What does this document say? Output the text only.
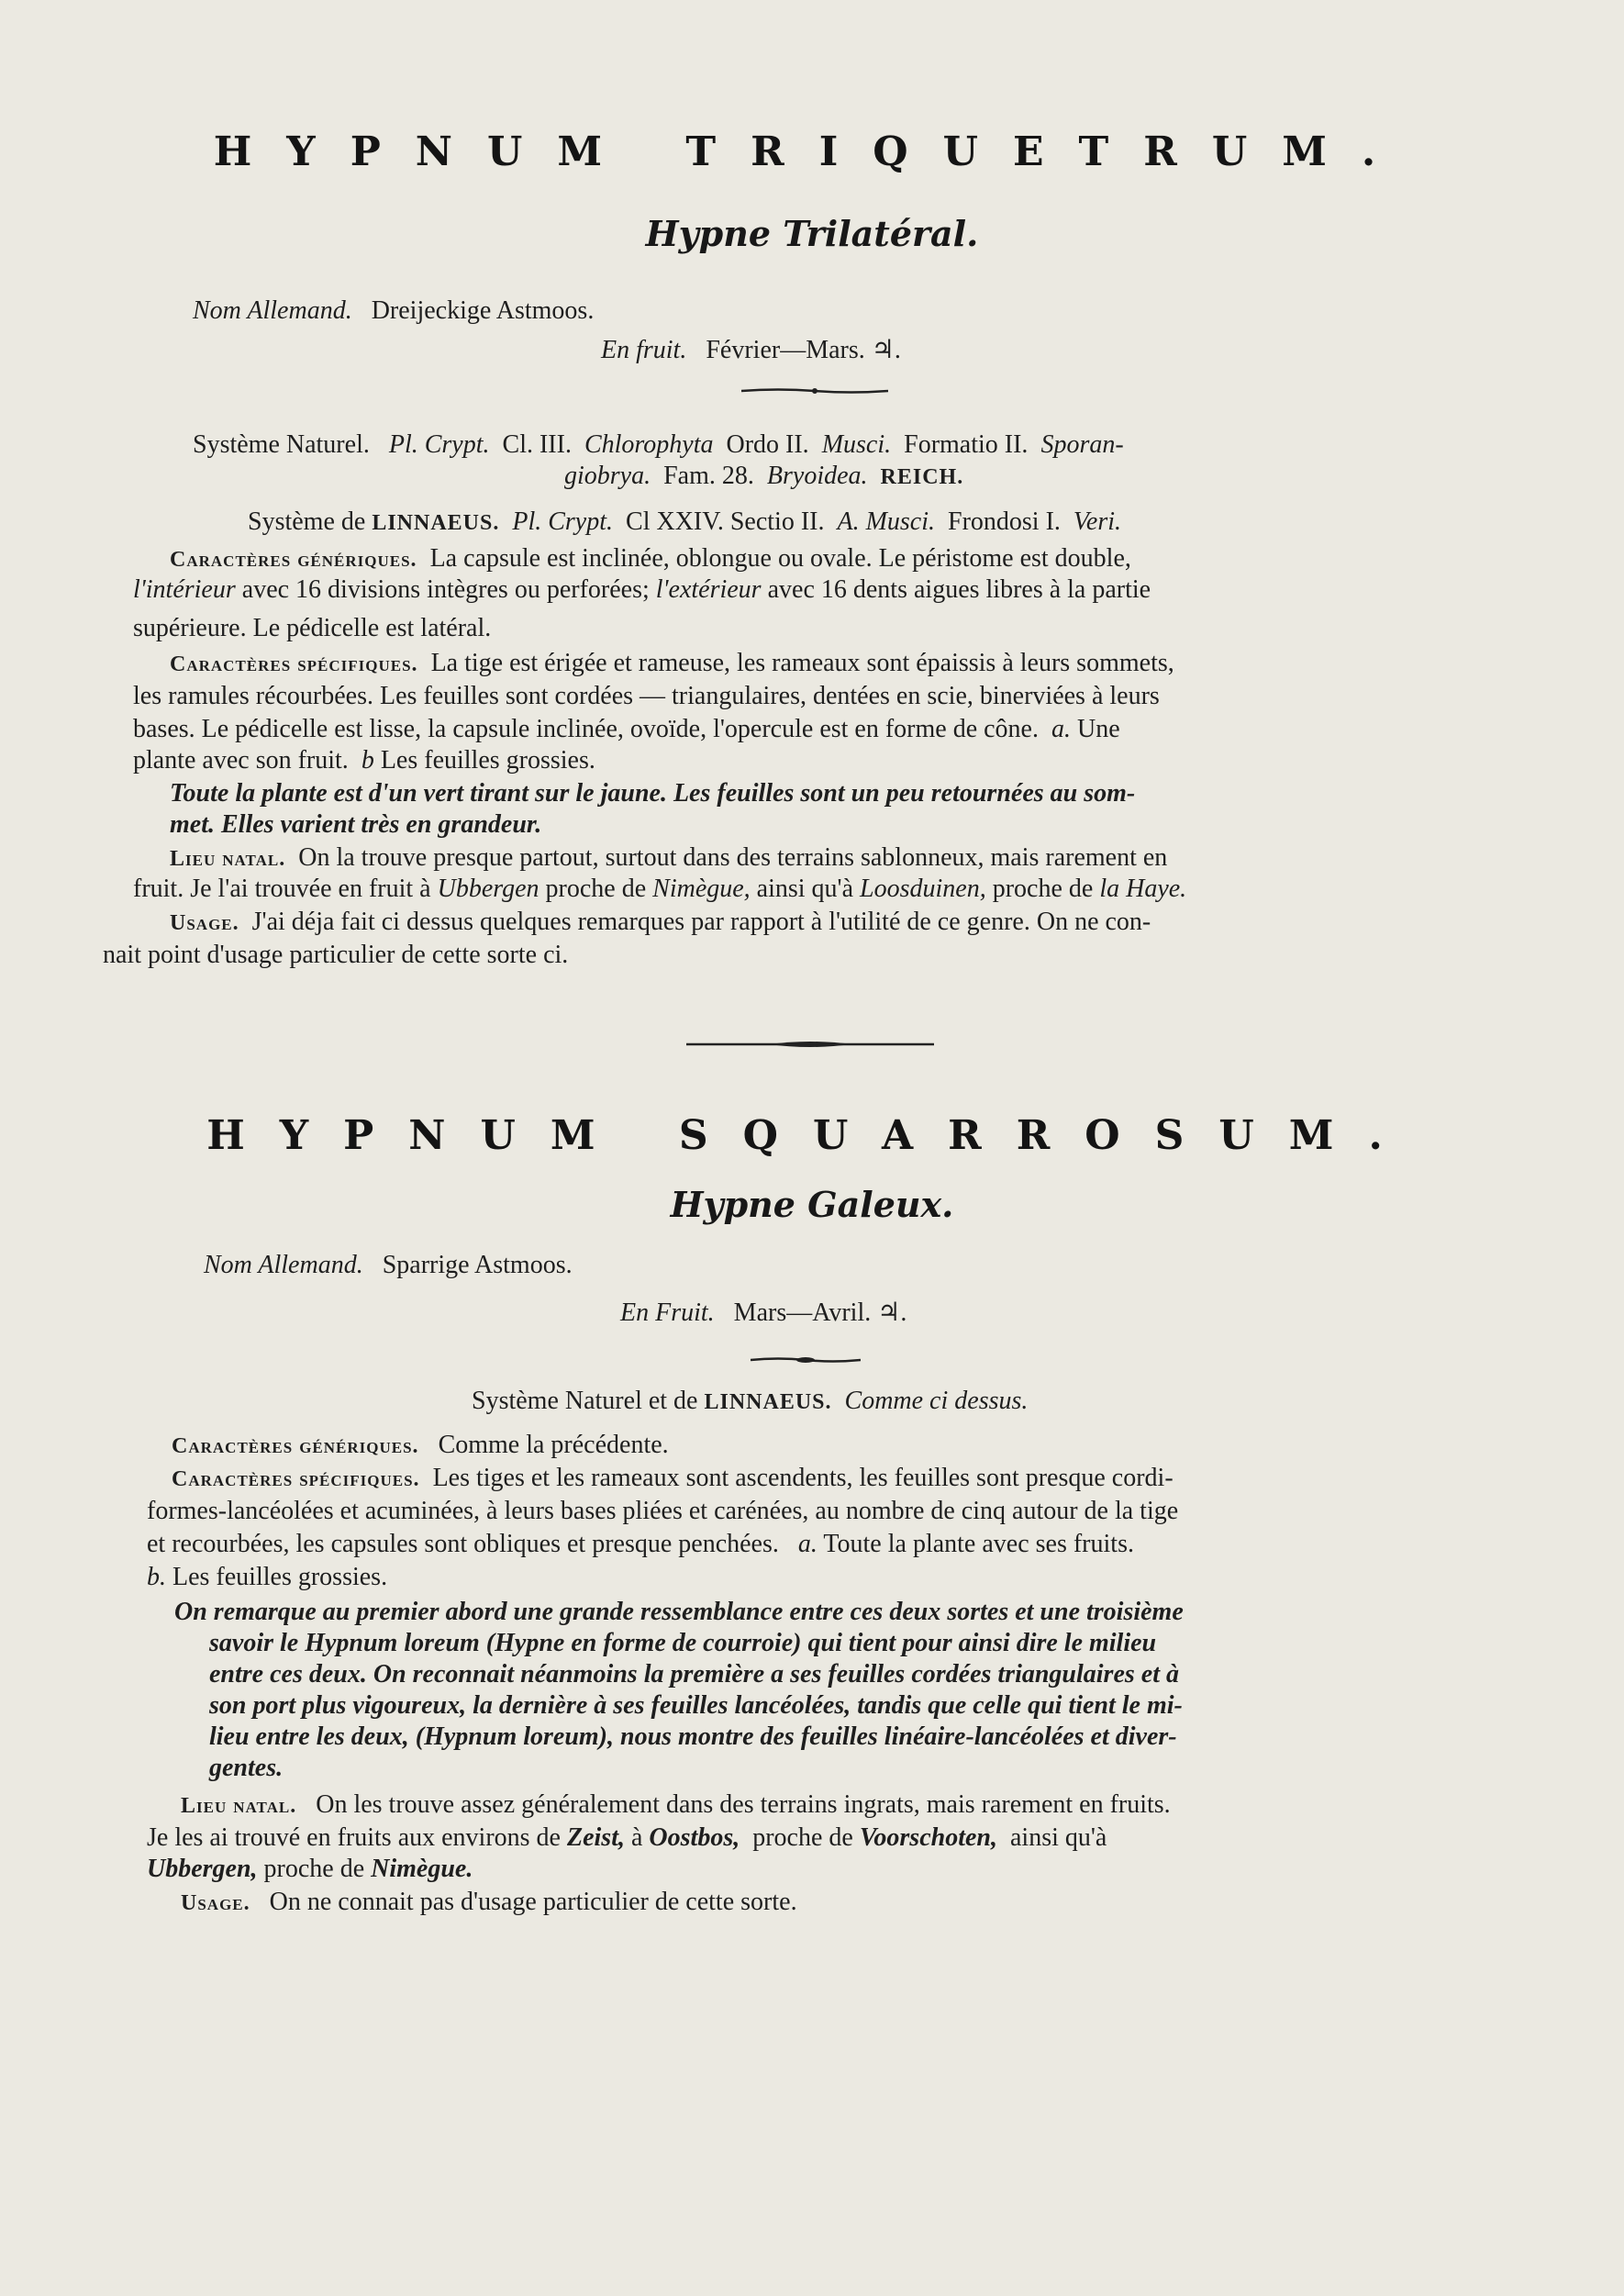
HYPNUM TRIQUETRUM.
Hypne Trilatéral.
Nom Allemand. Dreijeckige Astmoos.
En fruit. Février—Mars. ♃.
Système Naturel. Pl. Crypt. Cl. III. Chlorophyta Ordo II. Musci. Formatio II. Sporan-
giobrya. Fam. 28. Bryoidea. REICH.
Système de LINNAEUS. Pl. Crypt. Cl XXIV. Sectio II. A. Musci. Frondosi I. Veri.
Caractères génériques. La capsule est inclinée, oblongue ou ovale. Le péristome est double,
l'intérieur avec 16 divisions intègres ou perforées; l'extérieur avec 16 dents aigues libres à la partie
supérieure. Le pédicelle est latéral.
Caractères spécifiques. La tige est érigée et rameuse, les rameaux sont épaissis à leurs sommets,
les ramules récourbées. Les feuilles sont cordées — triangulaires, dentées en scie, binerviées à leurs
bases. Le pédicelle est lisse, la capsule inclinée, ovoïde, l'opercule est en forme de cône. a. Une
plante avec son fruit. b Les feuilles grossies.
Toute la plante est d'un vert tirant sur le jaune. Les feuilles sont un peu retournées au som-
met. Elles varient très en grandeur.
Lieu natal. On la trouve presque partout, surtout dans des terrains sablonneux, mais rarement en
fruit. Je l'ai trouvée en fruit à Ubbergen proche de Nimègue, ainsi qu'à Loosduinen, proche de la Haye.
Usage. J'ai déja fait ci dessus quelques remarques par rapport à l'utilité de ce genre. On ne con-
nait point d'usage particulier de cette sorte ci.
HYPNUM SQUARROSUM.
Hypne Galeux.
Nom Allemand. Sparrige Astmoos.
En Fruit. Mars—Avril. ♃.
Système Naturel et de LINNAEUS. Comme ci dessus.
Caractères génériques. Comme la précédente.
Caractères spécifiques. Les tiges et les rameaux sont ascendents, les feuilles sont presque cordi-
formes-lancéolées et acuminées, à leurs bases pliées et carénées, au nombre de cinq autour de la tige
et recourbées, les capsules sont obliques et presque penchées. a. Toute la plante avec ses fruits.
b. Les feuilles grossies.
On remarque au premier abord une grande ressemblance entre ces deux sortes et une troisième
savoir le Hypnum loreum (Hypne en forme de courroie) qui tient pour ainsi dire le milieu
entre ces deux. On reconnait néanmoins la première a ses feuilles cordées triangulaires et à
son port plus vigoureux, la dernière à ses feuilles lancéolées, tandis que celle qui tient le mi-
lieu entre les deux, (Hypnum loreum), nous montre des feuilles linéaire-lancéolées et diver-
gentes.
Lieu natal. On les trouve assez généralement dans des terrains ingrats, mais rarement en fruits.
Je les ai trouvé en fruits aux environs de Zeist, à Oostbos, proche de Voorschoten, ainsi qu'à
Ubbergen, proche de Nimègue.
Usage. On ne connait pas d'usage particulier de cette sorte.
